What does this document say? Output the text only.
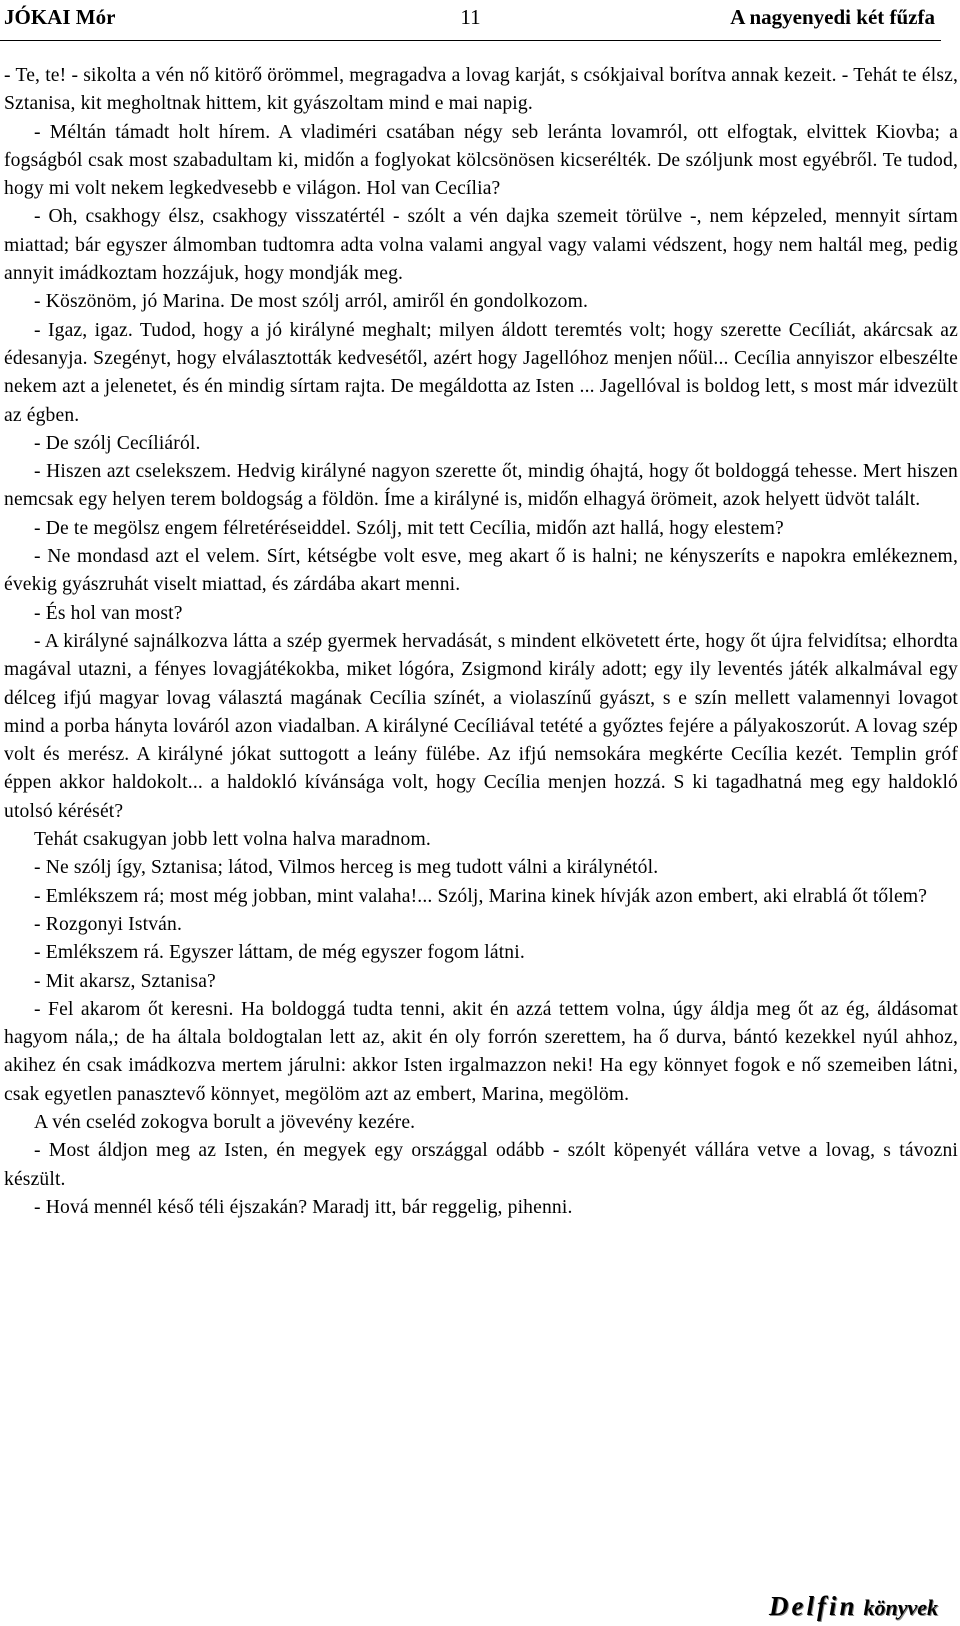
JÓKAI Mór	11	A nagyenyedi két fűzfa

- Te, te! - sikolta a vén nő kitörő örömmel, megragadva a lovag karját, s csókjaival borítva annak kezeit. - Tehát te élsz, Sztanisa, kit megholtnak hittem, kit gyászoltam mind e mai napig.

- Méltán támadt holt hírem. A vladiméri csatában négy seb leránta lovamról, ott elfogtak, elvittek Kiovba; a fogságból csak most szabadultam ki, midőn a foglyokat kölcsönösen kicserélték. De szóljunk most egyébről. Te tudod, hogy mi volt nekem legkedvesebb e világon. Hol van Cecília?

- Oh, csakhogy élsz, csakhogy visszatértél - szólt a vén dajka szemeit törülve -, nem képzeled, mennyit sírtam miattad; bár egyszer álmomban tudtomra adta volna valami angyal vagy valami védszent, hogy nem haltál meg, pedig annyit imádkoztam hozzájuk, hogy mondják meg.

- Köszönöm, jó Marina. De most szólj arról, amiről én gondolkozom.

- Igaz, igaz. Tudod, hogy a jó királyné meghalt; milyen áldott teremtés volt; hogy szerette Cecíliát, akárcsak az édesanyja. Szegényt, hogy elválasztották kedvesétől, azért hogy Jagellóhoz menjen nőül... Cecília annyiszor elbeszélte nekem azt a jelenetet, és én mindig sírtam rajta. De megáldotta az Isten ... Jagellóval is boldog lett, s most már idvezült az égben.

- De szólj Cecíliáról.

- Hiszen azt cselekszem. Hedvig királyné nagyon szerette őt, mindig óhajtá, hogy őt boldoggá tehesse. Mert hiszen nemcsak egy helyen terem boldogság a földön. Íme a királyné is, midőn elhagyá örömeit, azok helyett üdvöt talált.

- De te megölsz engem félretéréseiddel. Szólj, mit tett Cecília, midőn azt hallá, hogy elestem?

- Ne mondasd azt el velem. Sírt, kétségbe volt esve, meg akart ő is halni; ne kényszeríts e napokra emlékeznem, évekig gyászruhát viselt miattad, és zárdába akart menni.

- És hol van most?

- A királyné sajnálkozva látta a szép gyermek hervadását, s mindent elkövetett érte, hogy őt újra felvidítsa; elhordta magával utazni, a fényes lovagjátékokba, miket lógóra, Zsigmond király adott; egy ily leventés játék alkalmával egy délceg ifjú magyar lovag választá magának Cecília színét, a violaszínű gyászt, s e szín mellett valamennyi lovagot mind a porba hányta lováról azon viadalban. A királyné Cecíliával tetété a győztes fejére a pályakoszorút. A lovag szép volt és merész. A királyné jókat suttogott a leány fülébe. Az ifjú nemsokára megkérte Cecília kezét. Templin gróf éppen akkor haldokolt... a haldokló kívánsága volt, hogy Cecília menjen hozzá. S ki tagadhatná meg egy haldokló utolsó kérését?

Tehát csakugyan jobb lett volna halva maradnom.

- Ne szólj így, Sztanisa; látod, Vilmos herceg is meg tudott válni a királynétól.

- Emlékszem rá; most még jobban, mint valaha!... Szólj, Marina kinek hívják azon embert, aki elrablá őt tőlem?

- Rozgonyi István.

- Emlékszem rá. Egyszer láttam, de még egyszer fogom látni.

- Mit akarsz, Sztanisa?

- Fel akarom őt keresni. Ha boldoggá tudta tenni, akit én azzá tettem volna, úgy áldja meg őt az ég, áldásomat hagyom nála,; de ha általa boldogtalan lett az, akit én oly forrón szerettem, ha ő durva, bántó kezekkel nyúl ahhoz, akihez én csak imádkozva mertem járulni: akkor Isten irgalmazzon neki! Ha egy könnyet fogok e nő szemeiben látni, csak egyetlen panasztevő könnyet, megölöm azt az embert, Marina, megölöm.

A vén cseléd zokogva borult a jövevény kezére.

- Most áldjon meg az Isten, én megyek egy országgal odább - szólt köpenyét vállára vetve a lovag, s távozni készült.

- Hová mennél késő téli éjszakán? Maradj itt, bár reggelig, pihenni.

Delfin könyvek
